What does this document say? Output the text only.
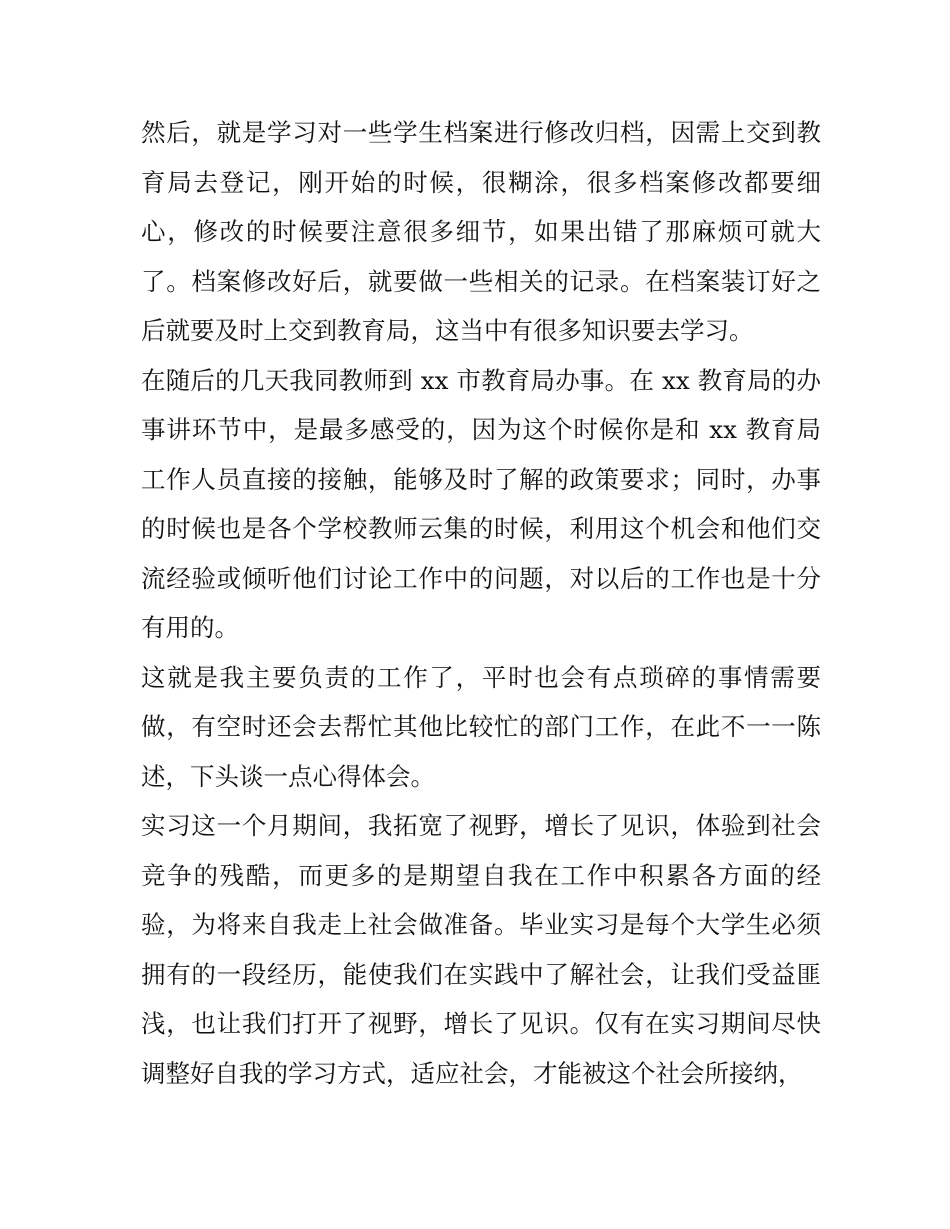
然后，就是学习对一些学生档案进行修改归档，因需上交到教育局去登记，刚开始的时候，很糊涂，很多档案修改都要细心，修改的时候要注意很多细节，如果出错了那麻烦可就大了。档案修改好后，就要做一些相关的记录。在档案装订好之后就要及时上交到教育局，这当中有很多知识要去学习。

在随后的几天我同教师到 xx 市教育局办事。在 xx 教育局的办事讲环节中，是最多感受的，因为这个时候你是和 xx 教育局工作人员直接的接触，能够及时了解的政策要求；同时，办事的时候也是各个学校教师云集的时候，利用这个机会和他们交流经验或倾听他们讨论工作中的问题，对以后的工作也是十分有用的。

这就是我主要负责的工作了，平时也会有点琐碎的事情需要做，有空时还会去帮忙其他比较忙的部门工作，在此不一一陈述，下头谈一点心得体会。

实习这一个月期间，我拓宽了视野，增长了见识，体验到社会竞争的残酷，而更多的是期望自我在工作中积累各方面的经验，为将来自我走上社会做准备。毕业实习是每个大学生必须拥有的一段经历，能使我们在实践中了解社会，让我们受益匪浅，也让我们打开了视野，增长了见识。仅有在实习期间尽快调整好自我的学习方式，适应社会，才能被这个社会所接纳，
